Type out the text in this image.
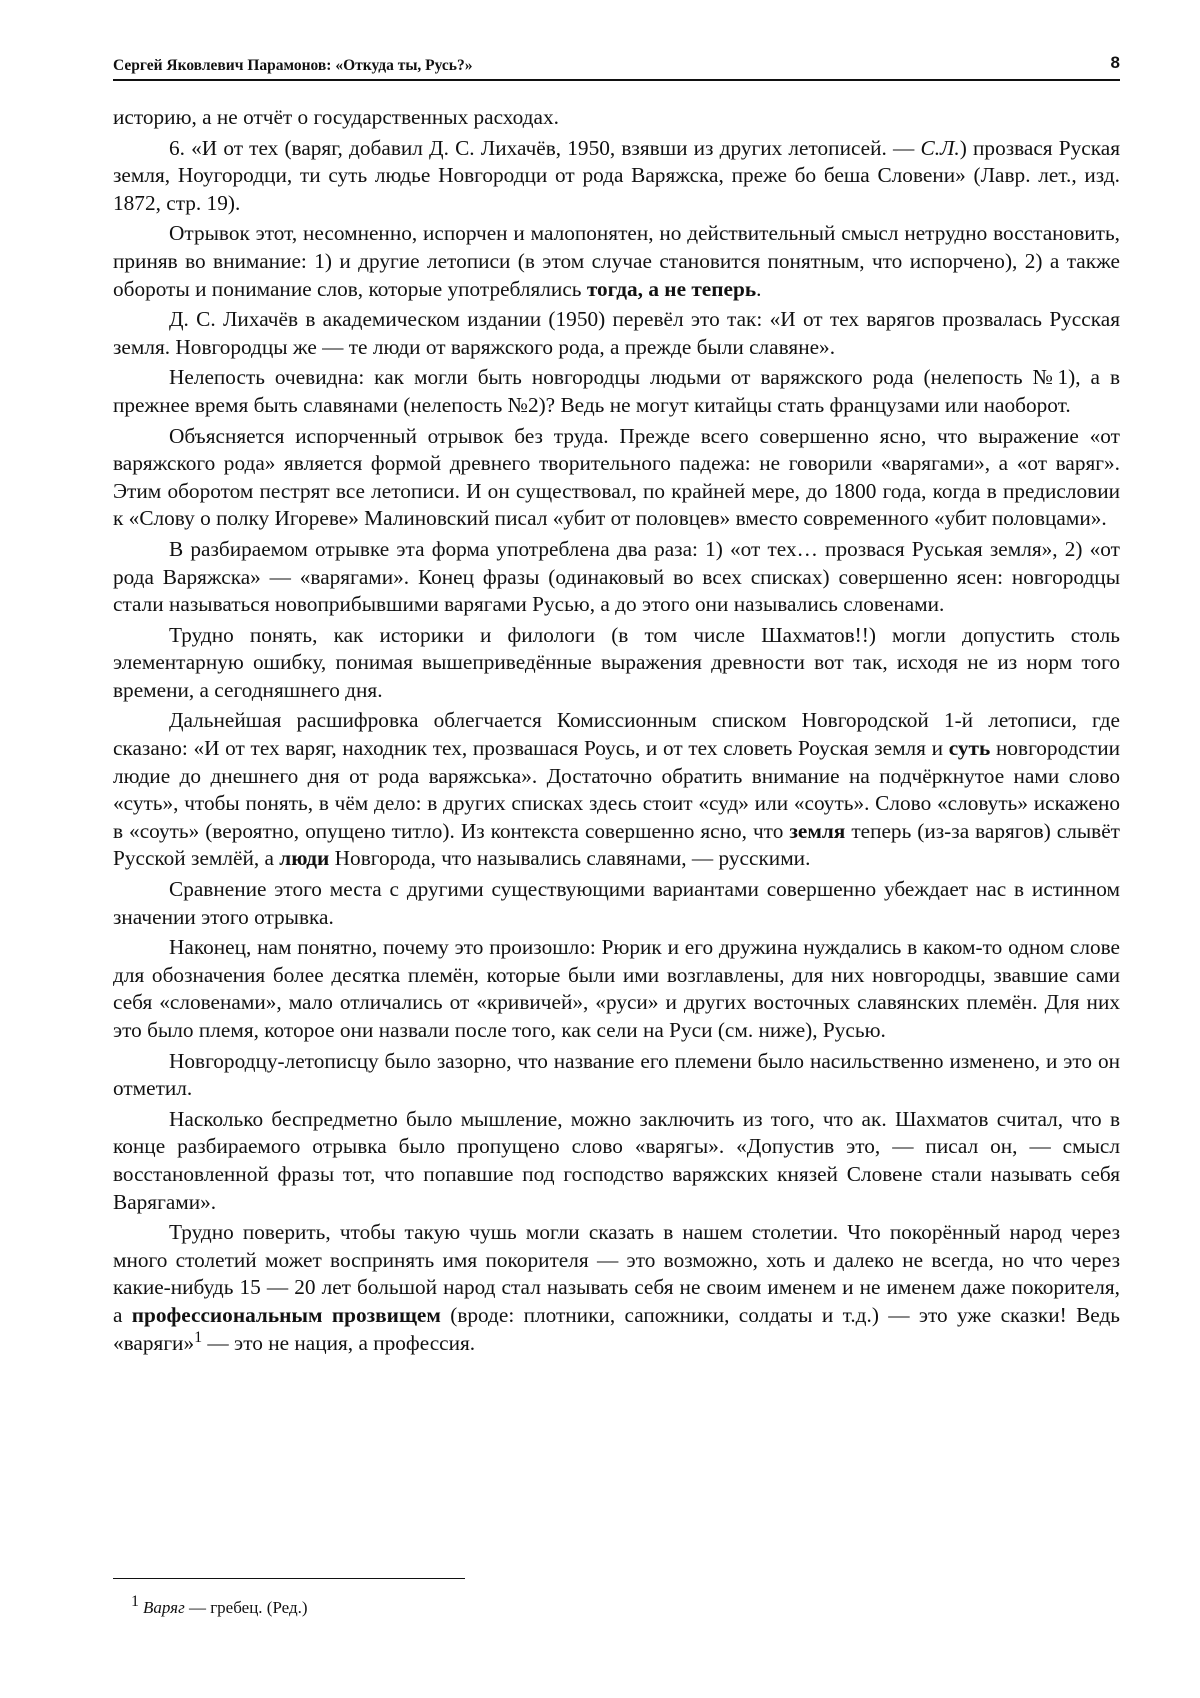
Сергей Яковлевич Парамонов: «Откуда ты, Русь?»	8

историю, а не отчёт о государственных расходах.

6. «И от тех (варяг, добавил Д. С. Лихачёв, 1950, взявши из других летописей. — С.Л.) прозвася Руская земля, Ноугородци, ти суть людье Новгородци от рода Варяжска, преже бо беша Словени» (Лавр. лет., изд. 1872, стр. 19).

Отрывок этот, несомненно, испорчен и малопонятен, но действительный смысл нетрудно восстановить, приняв во внимание: 1) и другие летописи (в этом случае становится понятным, что испорчено), 2) а также обороты и понимание слов, которые употреблялись тогда, а не теперь.

Д. С. Лихачёв в академическом издании (1950) перевёл это так: «И от тех варягов прозвалась Русская земля. Новгородцы же — те люди от варяжского рода, а прежде были славяне».

Нелепость очевидна: как могли быть новгородцы людьми от варяжского рода (нелепость №1), а в прежнее время быть славянами (нелепость №2)? Ведь не могут китайцы стать французами или наоборот.

Объясняется испорченный отрывок без труда. Прежде всего совершенно ясно, что выражение «от варяжского рода» является формой древнего творительного падежа: не говорили «варягами», а «от варяг». Этим оборотом пестрят все летописи. И он существовал, по крайней мере, до 1800 года, когда в предисловии к «Слову о полку Игореве» Малиновский писал «убит от половцев» вместо современного «убит половцами».

В разбираемом отрывке эта форма употреблена два раза: 1) «от тех… прозвася Руськая земля», 2) «от рода Варяжска» — «варягами». Конец фразы (одинаковый во всех списках) совершенно ясен: новгородцы стали называться новоприбывшими варягами Русью, а до этого они назывались словенами.

Трудно понять, как историки и филологи (в том числе Шахматов!!) могли допустить столь элементарную ошибку, понимая вышеприведённые выражения древности вот так, исходя не из норм того времени, а сегодняшнего дня.

Дальнейшая расшифровка облегчается Комиссионным списком Новгородской 1-й летописи, где сказано: «И от тех варяг, находник тех, прозвашася Роусь, и от тех словеть Роуская земля и суть новгородстии людие до днешнего дня от рода варяжська». Достаточно обратить внимание на подчёркнутое нами слово «суть», чтобы понять, в чём дело: в других списках здесь стоит «суд» или «соуть». Слово «словуть» искажено в «соуть» (вероятно, опущено титло). Из контекста совершенно ясно, что земля теперь (из-за варягов) слывёт Русской землёй, а люди Новгорода, что назывались славянами, — русскими.

Сравнение этого места с другими существующими вариантами совершенно убеждает нас в истинном значении этого отрывка.

Наконец, нам понятно, почему это произошло: Рюрик и его дружина нуждались в каком-то одном слове для обозначения более десятка племён, которые были ими возглавлены, для них новгородцы, звавшие сами себя «словенами», мало отличались от «кривичей», «руси» и других восточных славянских племён. Для них это было племя, которое они назвали после того, как сели на Руси (см. ниже), Русью.

Новгородцу-летописцу было зазорно, что название его племени было насильственно изменено, и это он отметил.

Насколько беспредметно было мышление, можно заключить из того, что ак. Шахматов считал, что в конце разбираемого отрывка было пропущено слово «варягы». «Допустив это, — писал он, — смысл восстановленной фразы тот, что попавшие под господство варяжских князей Словене стали называть себя Варягами».

Трудно поверить, чтобы такую чушь могли сказать в нашем столетии. Что покорённый народ через много столетий может воспринять имя покорителя — это возможно, хоть и далеко не всегда, но что через какие-нибудь 15 — 20 лет большой народ стал называть себя не своим именем и не именем даже покорителя, а профессиональным прозвищем (вроде: плотники, сапожники, солдаты и т.д.) — это уже сказки! Ведь «варяги»$^1$ — это не нация, а профессия.

1 Варяг — гребец. (Ред.)
